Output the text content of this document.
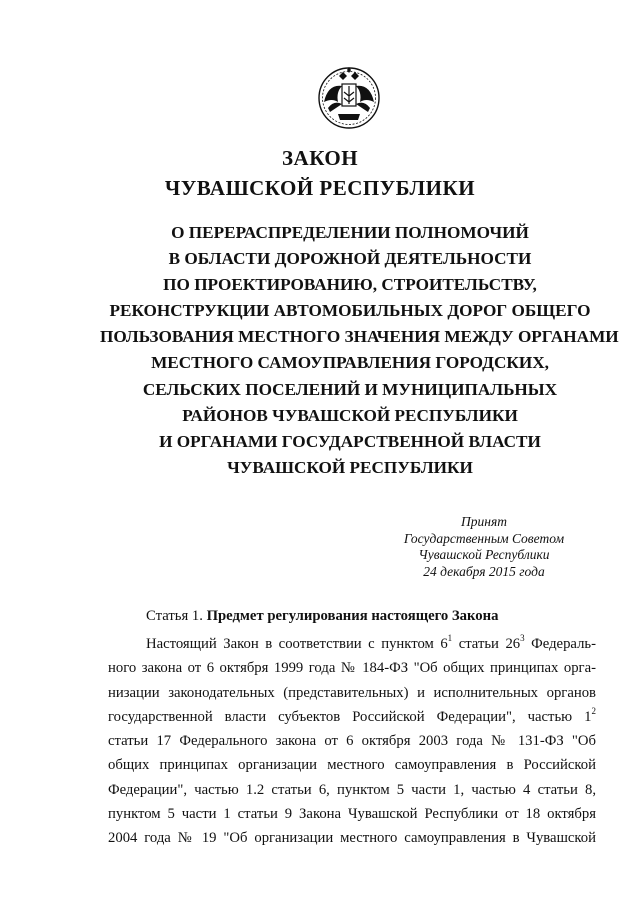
ЗАКОН
ЧУВАШСКОЙ РЕСПУБЛИКИ
О ПЕРЕРАСПРЕДЕЛЕНИИ ПОЛНОМОЧИЙ
В ОБЛАСТИ ДОРОЖНОЙ ДЕЯТЕЛЬНОСТИ
ПО ПРОЕКТИРОВАНИЮ, СТРОИТЕЛЬСТВУ,
РЕКОНСТРУКЦИИ АВТОМОБИЛЬНЫХ ДОРОГ ОБЩЕГО
ПОЛЬЗОВАНИЯ МЕСТНОГО ЗНАЧЕНИЯ МЕЖДУ ОРГАНАМИ
МЕСТНОГО САМОУПРАВЛЕНИЯ ГОРОДСКИХ,
СЕЛЬСКИХ ПОСЕЛЕНИЙ И МУНИЦИПАЛЬНЫХ
РАЙОНОВ ЧУВАШСКОЙ РЕСПУБЛИКИ
И ОРГАНАМИ ГОСУДАРСТВЕННОЙ ВЛАСТИ
ЧУВАШСКОЙ РЕСПУБЛИКИ
Принят
Государственным Советом
Чувашской Республики
24 декабря 2015 года
Статья 1. Предмет регулирования настоящего Закона
Настоящий Закон в соответствии с пунктом $6^1$ статьи $26^3$ Федераль-
ного закона от 6 октября 1999 года № 184-ФЗ "Об общих принципах орга-
низации законодательных (представительных) и исполнительных органов
государственной власти субъектов Российской Федерации", частью $1^2$
статьи 17 Федерального закона от 6 октября 2003 года № 131-ФЗ "Об
общих принципах организации местного самоуправления в Российской
Федерации", частью 1.2 статьи 6, пунктом 5 части 1, частью 4 статьи 8,
пунктом 5 части 1 статьи 9 Закона Чувашской Республики от 18 октября
2004 года № 19 "Об организации местного самоуправления в Чувашской
